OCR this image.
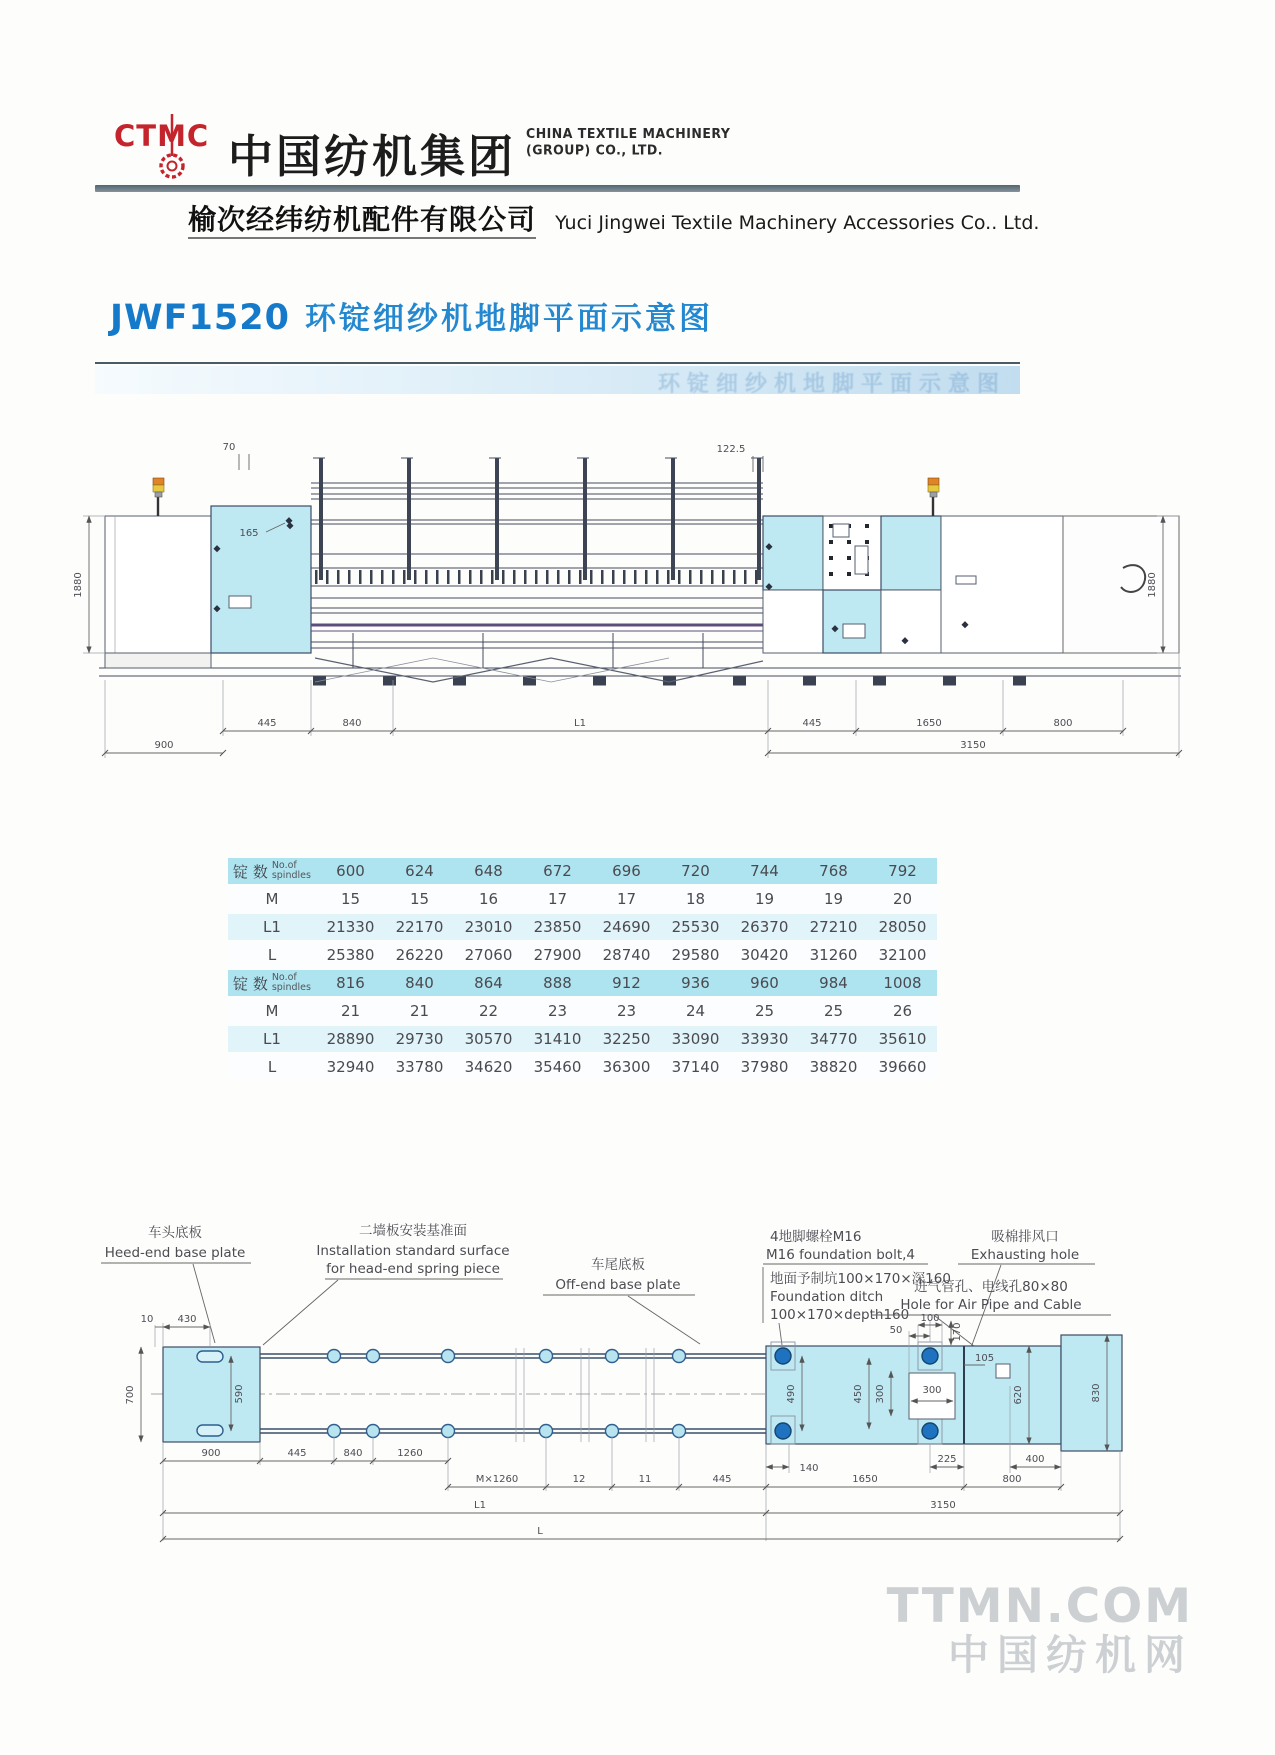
CTMC 中国纺机集团 CHINA TEXTILE MACHINERY
(GROUP) CO., LTD.
榆次经纬纺机配件有限公司 Yuci Jingwei Textile Machinery Accessories Co.. Ltd.
JWF1520 环锭细纱机地脚平面示意图
环锭细纱机地脚平面示意图
70	122.5
165
1880	1880
445	840	L1	445	1650	800
900	3150
锭 数 No.of
spindles	600	624	648	672	696	720	744	768	792
M	15	15	16	17	17	18	19	19	20
L1	21330	22170	23010	23850	24690	25530	26370	27210	28050
L	25380	26220	27060	27900	28740	29580	30420	31260	32100
锭 数 No.of
spindles	816	840	864	888	912	936	960	984	1008
M	21	21	22	23	23	24	25	25	26
L1	28890	29730	30570	31410	32250	33090	33930	34770	35610
L	32940	33780	34620	35460	36300	37140	37980	38820	39660
车头底板
Heed-end base plate
二墙板安装基准面
Installation standard surface
for head-end spring piece	车尾底板
Off-end base plate
4地脚螺栓M16
M16 foundation bolt,4
地面予制坑100×170×深160
Foundation ditch
100×170×depth160
吸棉排风口
Exhausting hole
进气管孔、电线孔80×80
Hole for Air Pipe and Cable
10 430
700	590
900	445	840	1260
140
225	400
M×1260	12	11	445	1650	800
L1	3150
L
490	450 300	300
50
100
170
105
620	830
TTMN.COM
中国纺机网
